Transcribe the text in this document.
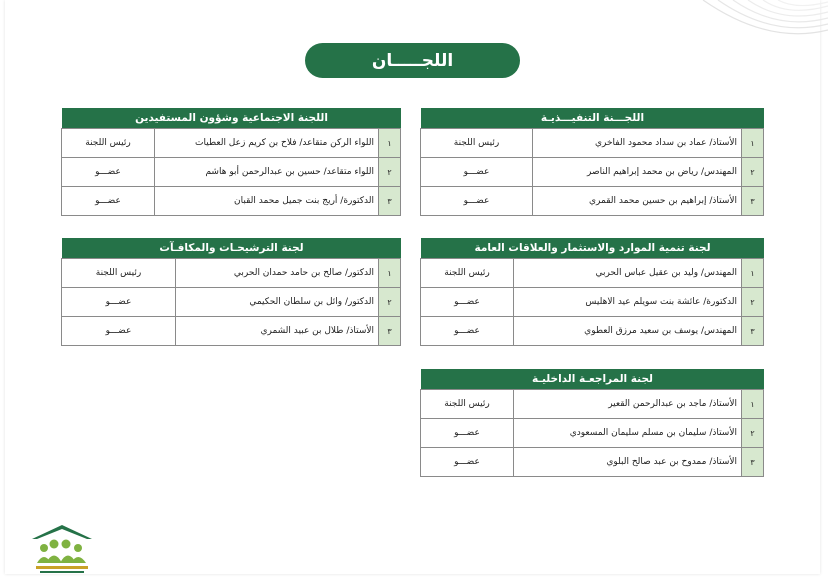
اللجـــــان
اللجـــنة التنفيـــذيـة
١	الأستاذ/ عماد بن سداد محمود الفاخري	رئيس اللجنة
٢	المهندس/ رياض بن محمد إبراهيم الناصر	عضـــو
٣	الأستاذ/ إبراهيم بن حسين محمد القمري	عضـــو
اللجنة الاجتماعية وشؤون المستفيدين
١	اللواء الركن متقاعد/ فلاح بن كريم زعل العطيات	رئيس اللجنة
٢	اللواء متقاعد/ حسين بن عبدالرحمن أبو هاشم	عضـــو
٣	الدكتورة/ أريج بنت جميل محمد القبان	عضـــو
لجنة تنمية الموارد والاستثمار والعلاقات العامة
١	المهندس/ وليد بن عقيل عباس الحربي	رئيس اللجنة
٢	الدكتورة/ عائشة بنت سويلم عيد الاهليس	عضـــو
٣	المهندس/ يوسف بن سعيد مرزق العطوي	عضـــو
لجنة الترشيحـات والمكافـآت
١	الدكتور/ صالح بن حامد حمدان الحربي	رئيس اللجنة
٢	الدكتور/ وائل بن سلطان الحكيمي	عضـــو
٣	الأستاذ/ طلال بن عبيد الشمري	عضـــو
لجنة المراجعـة الداخليـة
١	الأستاذ/ ماجد بن عبدالرحمن القعير	رئيس اللجنة
٢	الأستاذ/ سليمان بن مسلم سليمان المسعودي	عضـــو
٣	الأستاذ/ ممدوح بن عبد صالح البلوي	عضـــو
